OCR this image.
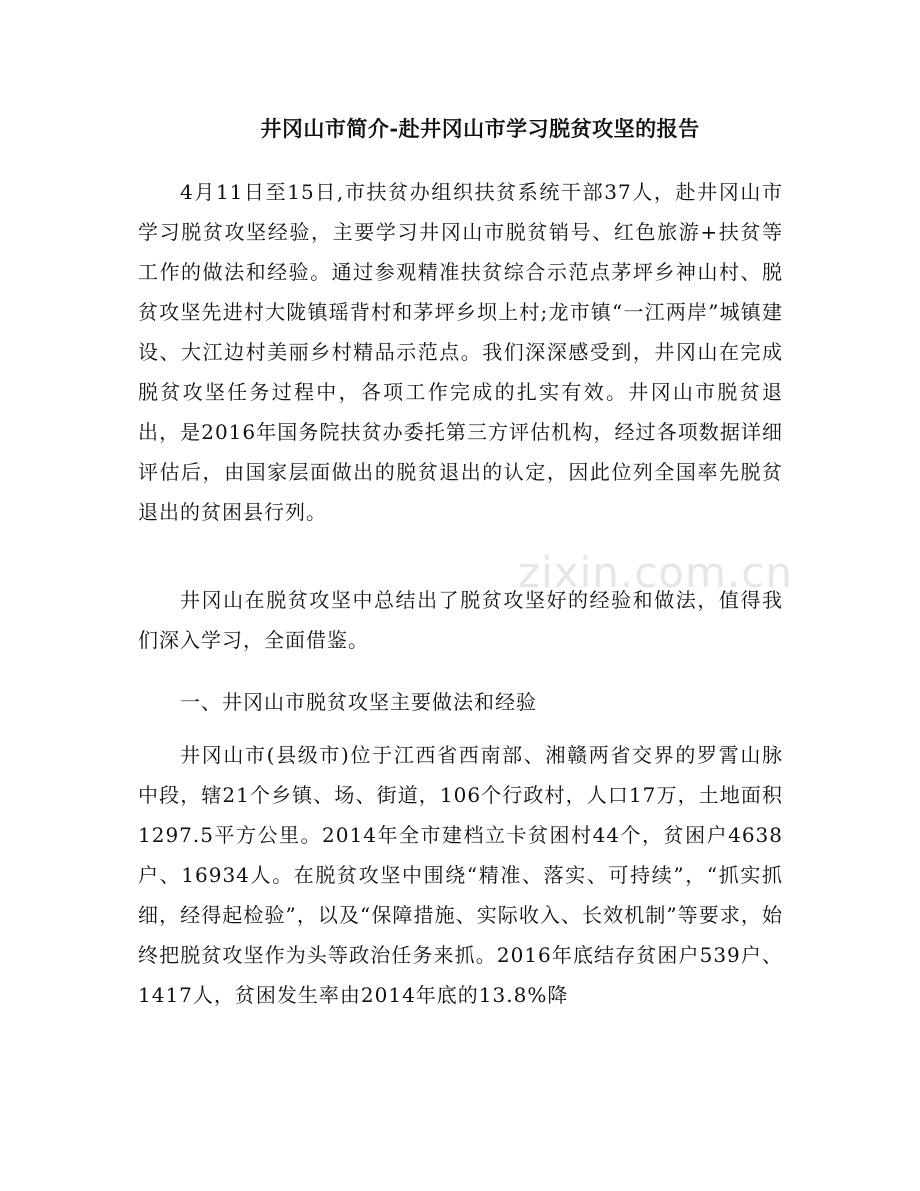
zixin.com.cn
井冈山市简介-赴井冈山市学习脱贫攻坚的报告

4月11日至15日,市扶贫办组织扶贫系统干部37人，赴井冈山市学习脱贫攻坚经验，主要学习井冈山市脱贫销号、红色旅游+扶贫等工作的做法和经验。通过参观精准扶贫综合示范点茅坪乡神山村、脱贫攻坚先进村大陇镇瑶背村和茅坪乡坝上村;龙市镇“一江两岸”城镇建设、大江边村美丽乡村精品示范点。我们深深感受到，井冈山在完成脱贫攻坚任务过程中，各项工作完成的扎实有效。井冈山市脱贫退出，是2016年国务院扶贫办委托第三方评估机构，经过各项数据详细评估后，由国家层面做出的脱贫退出的认定，因此位列全国率先脱贫退出的贫困县行列。

井冈山在脱贫攻坚中总结出了脱贫攻坚好的经验和做法，值得我们深入学习，全面借鉴。

一、井冈山市脱贫攻坚主要做法和经验

井冈山市(县级市)位于江西省西南部、湘赣两省交界的罗霄山脉中段，辖21个乡镇、场、街道，106个行政村，人口17万，土地面积1297.5平方公里。2014年全市建档立卡贫困村44个，贫困户4638户、16934人。在脱贫攻坚中围绕“精准、落实、可持续”，“抓实抓细，经得起检验”，以及“保障措施、实际收入、长效机制”等要求，始终把脱贫攻坚作为头等政治任务来抓。2016年底结存贫困户539户、1417人，贫困发生率由2014年底的13.8%降
